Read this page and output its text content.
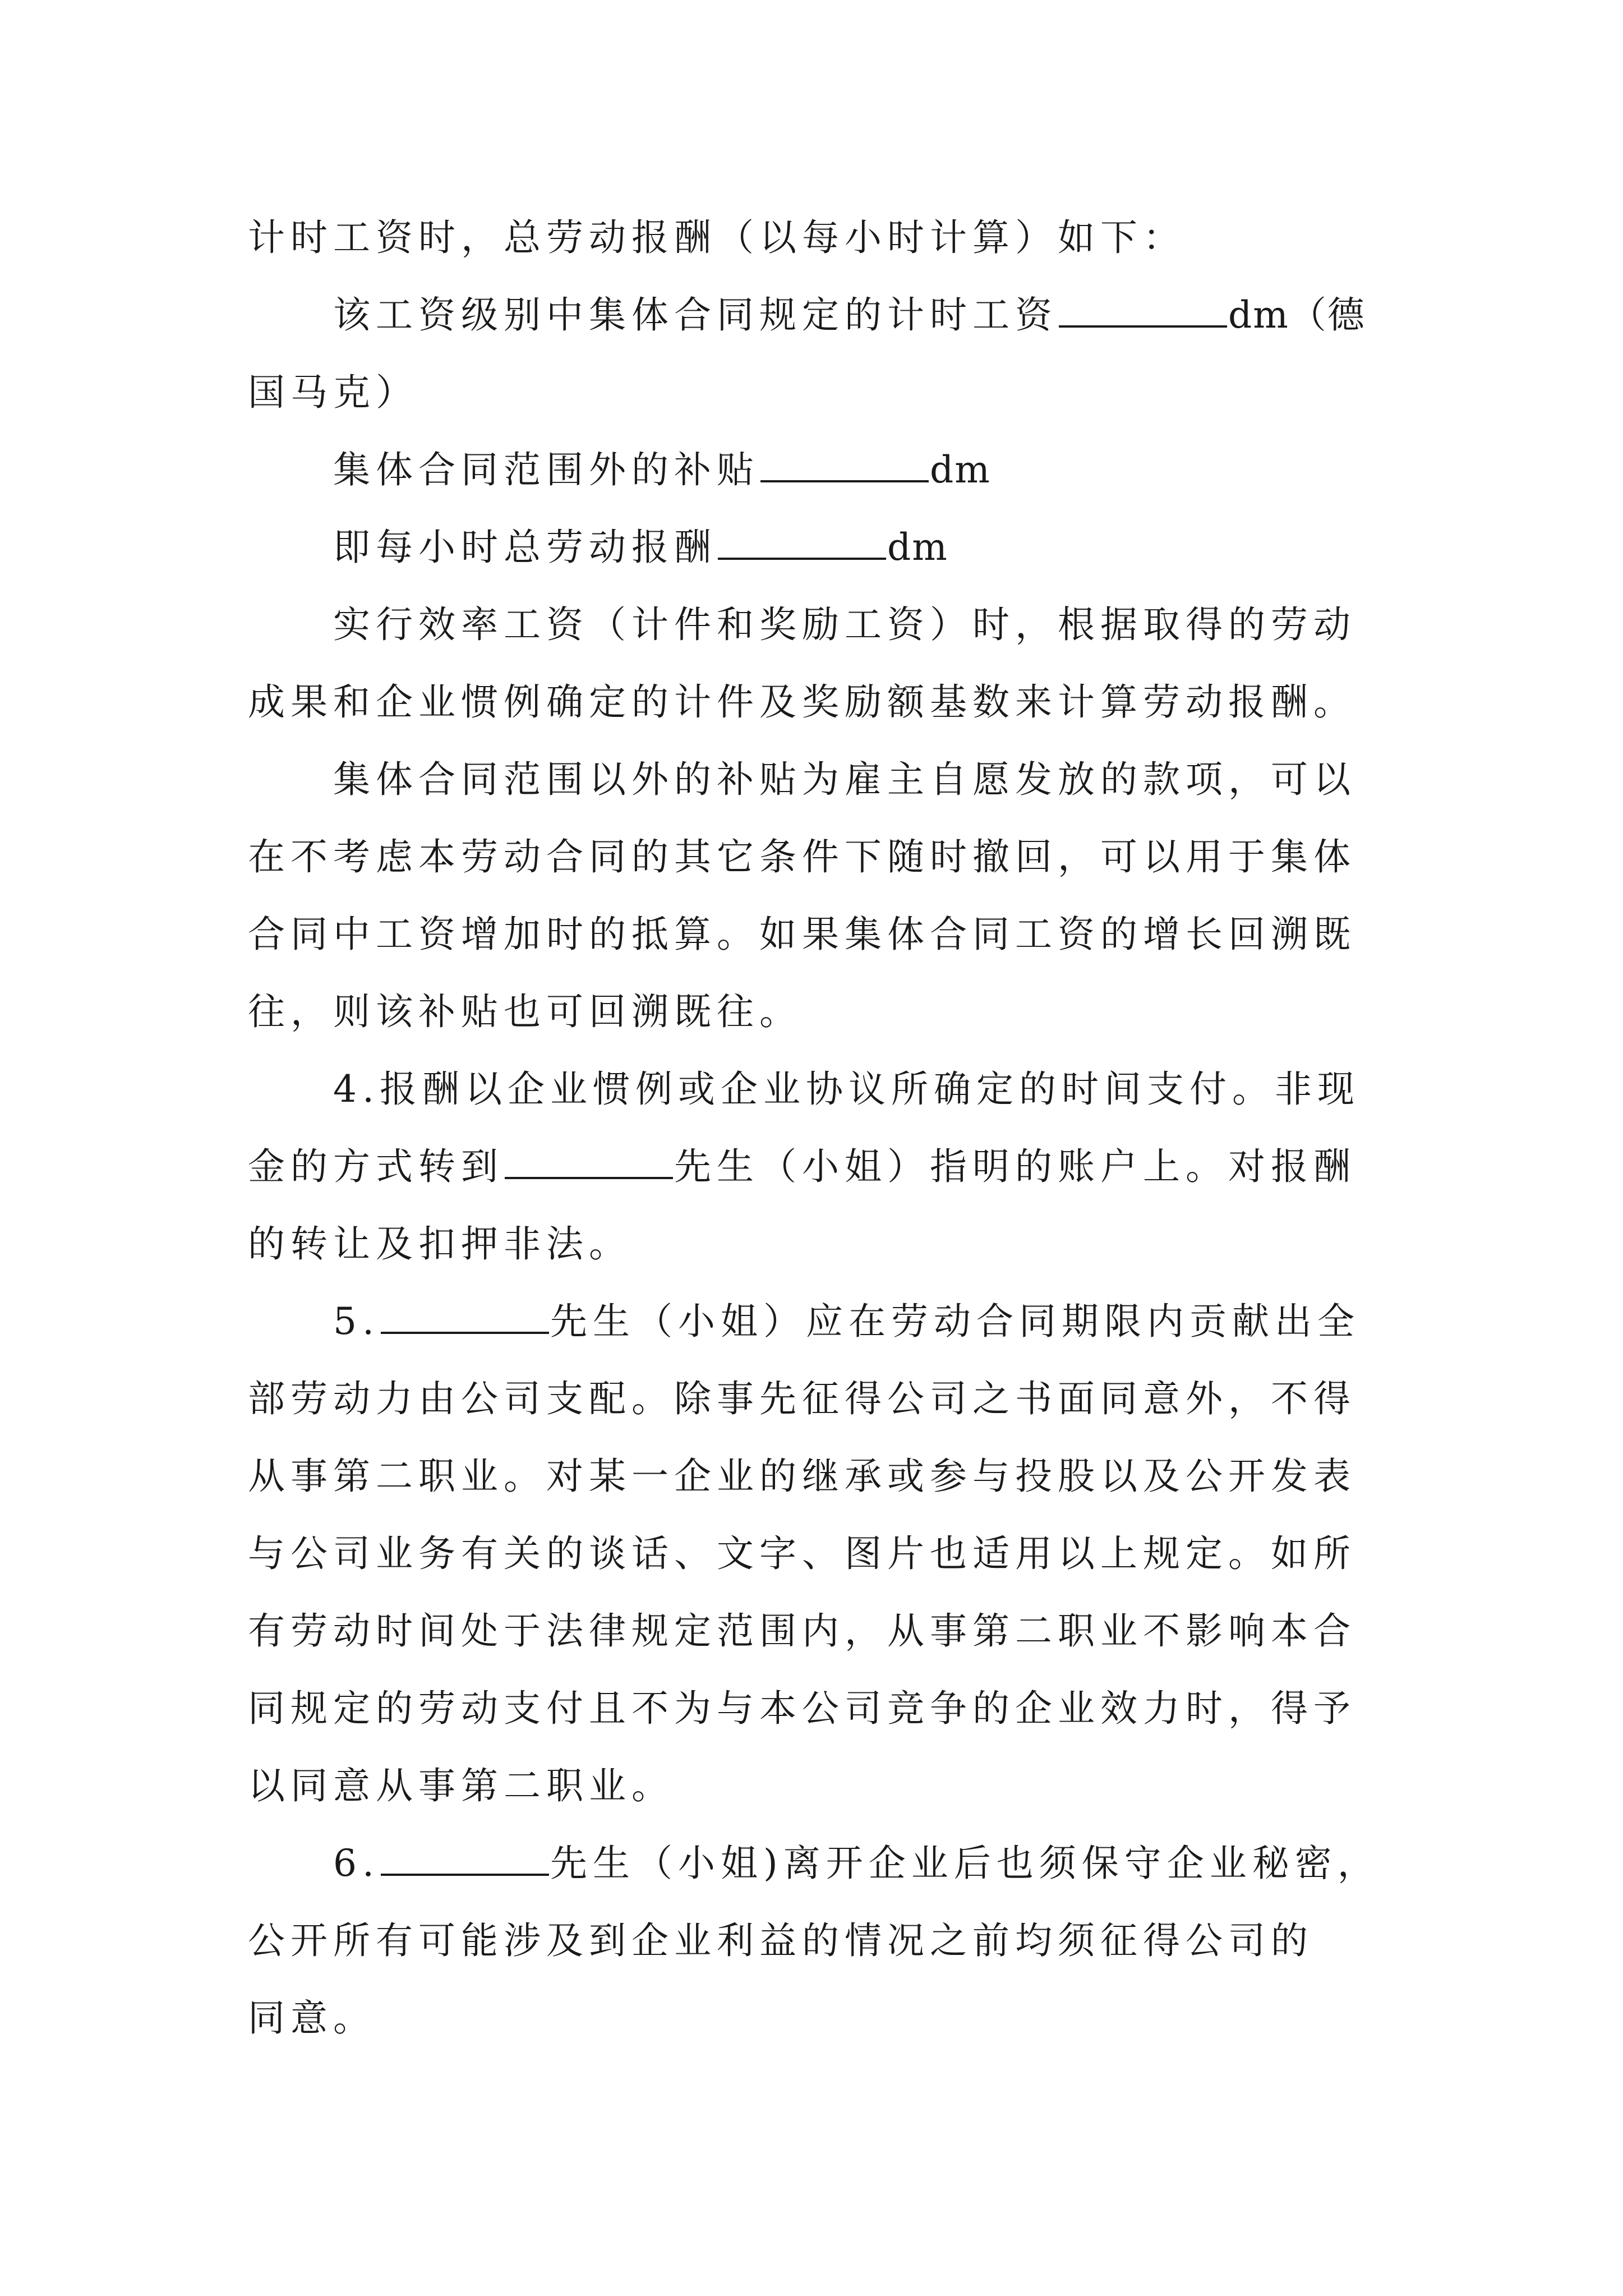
计时工资时，总劳动报酬（以每小时计算）如下：
该工资级别中集体合同规定的计时工资	dm（德
国马克）
集体合同范围外的补贴	dm
即每小时总劳动报酬	dm
实行效率工资（计件和奖励工资）时，根据取得的劳动
成果和企业惯例确定的计件及奖励额基数来计算劳动报酬。
集体合同范围以外的补贴为雇主自愿发放的款项，可以
在不考虑本劳动合同的其它条件下随时撤回，可以用于集体
合同中工资增加时的抵算。如果集体合同工资的增长回溯既
往，则该补贴也可回溯既往。
4.报酬以企业惯例或企业协议所确定的时间支付。非现
金的方式转到	先生（小姐）指明的账户上。对报酬
的转让及扣押非法。
5.	先生（小姐）应在劳动合同期限内贡献出全
部劳动力由公司支配。除事先征得公司之书面同意外，不得
从事第二职业。对某一企业的继承或参与投股以及公开发表
与公司业务有关的谈话、文字、图片也适用以上规定。如所
有劳动时间处于法律规定范围内，从事第二职业不影响本合
同规定的劳动支付且不为与本公司竞争的企业效力时，得予
以同意从事第二职业。
6.	先生（小姐)离开企业后也须保守企业秘密，
公开所有可能涉及到企业利益的情况之前均须征得公司的
同意。
